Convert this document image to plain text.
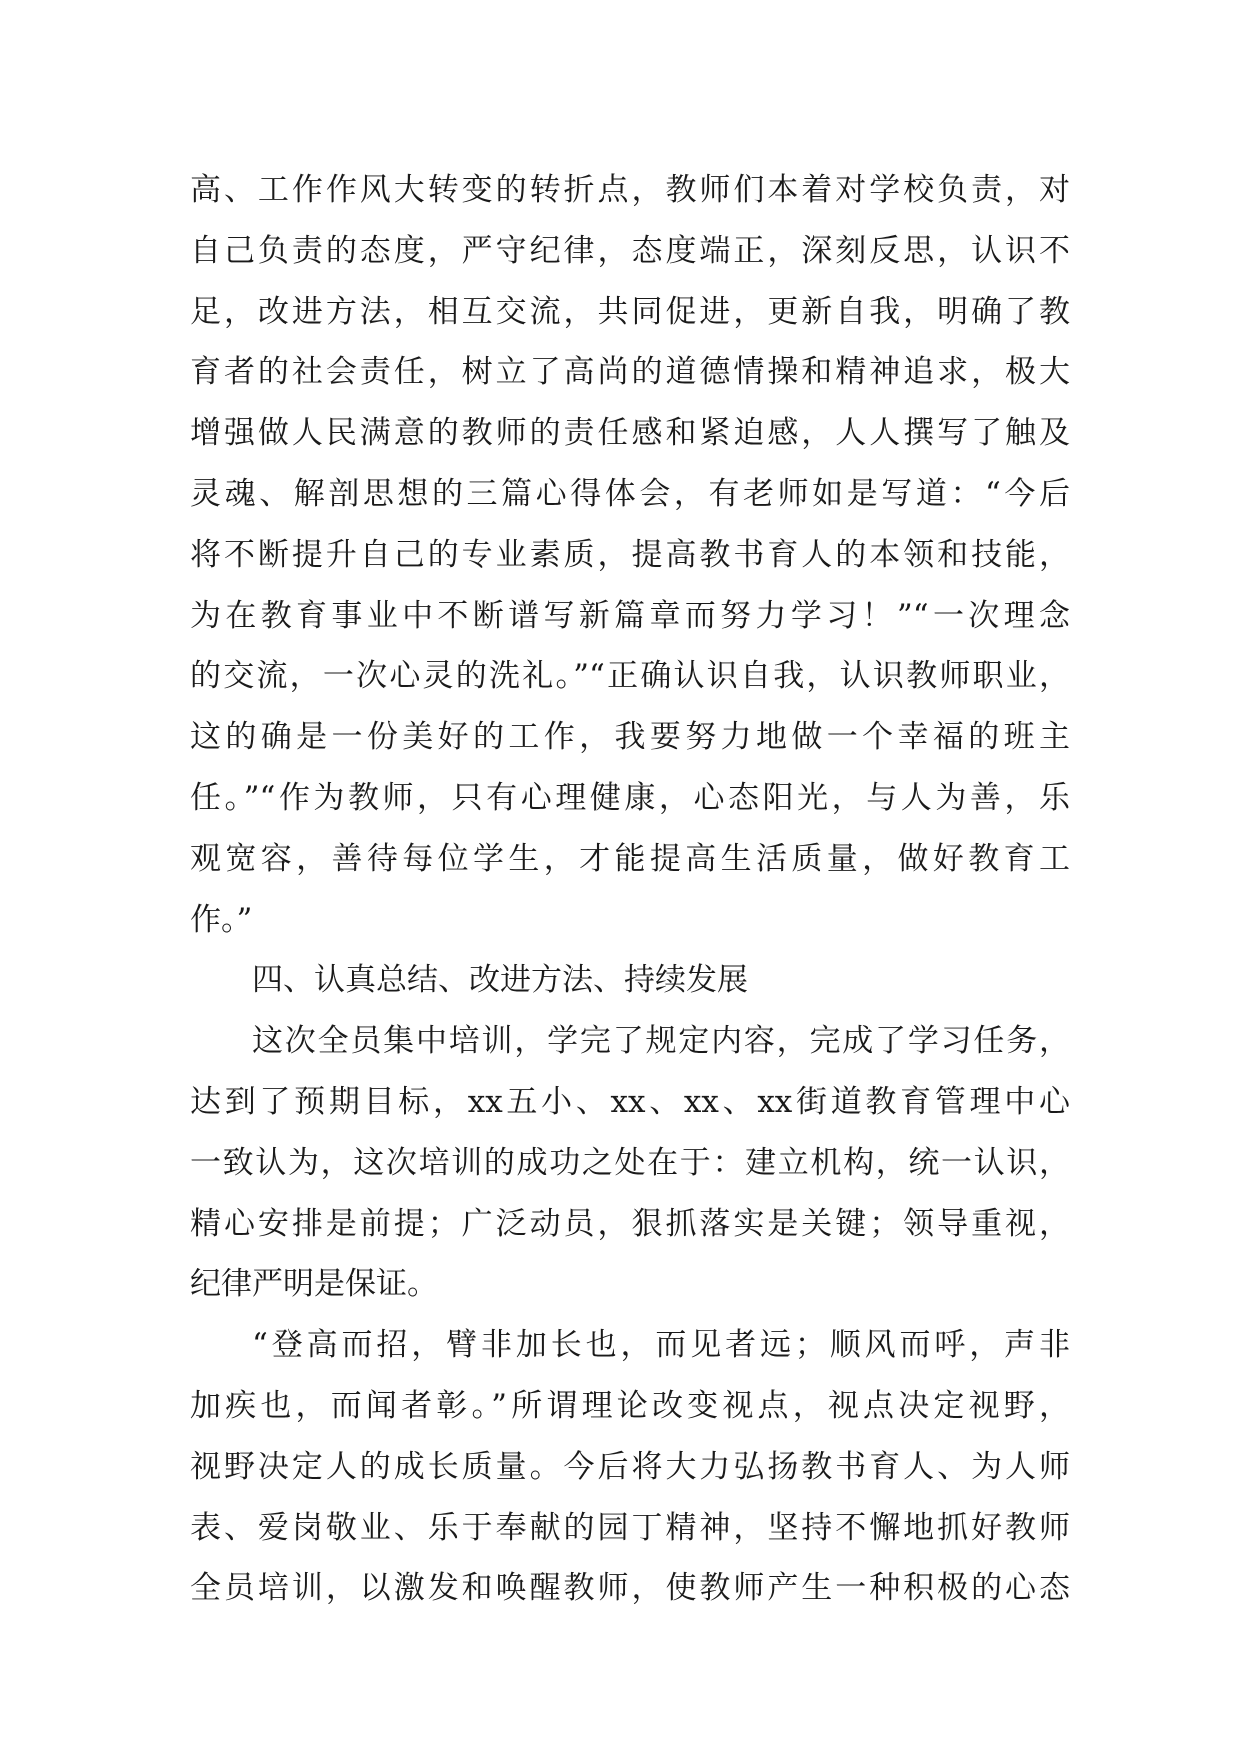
高、工作作风大转变的转折点，教师们本着对学校负责，对
自己负责的态度，严守纪律，态度端正，深刻反思，认识不
足，改进方法，相互交流，共同促进，更新自我，明确了教
育者的社会责任，树立了高尚的道德情操和精神追求，极大
增强做人民满意的教师的责任感和紧迫感，人人撰写了触及
灵魂、解剖思想的三篇心得体会，有老师如是写道：“今后
将不断提升自己的专业素质，提高教书育人的本领和技能，
为在教育事业中不断谱写新篇章而努力学习！”“一次理念
的交流，一次心灵的洗礼。”“正确认识自我，认识教师职业，
这的确是一份美好的工作，我要努力地做一个幸福的班主
任。”“作为教师，只有心理健康，心态阳光，与人为善，乐
观宽容，善待每位学生，才能提高生活质量，做好教育工
作。”
四、认真总结、改进方法、持续发展
这次全员集中培训，学完了规定内容，完成了学习任务，
达到了预期目标，xx五小、xx、xx、xx街道教育管理中心
一致认为，这次培训的成功之处在于：建立机构，统一认识，
精心安排是前提；广泛动员，狠抓落实是关键；领导重视，
纪律严明是保证。
“登高而招，臂非加长也，而见者远；顺风而呼，声非
加疾也，而闻者彰。”所谓理论改变视点，视点决定视野，
视野决定人的成长质量。今后将大力弘扬教书育人、为人师
表、爱岗敬业、乐于奉献的园丁精神，坚持不懈地抓好教师
全员培训，以激发和唤醒教师，使教师产生一种积极的心态
